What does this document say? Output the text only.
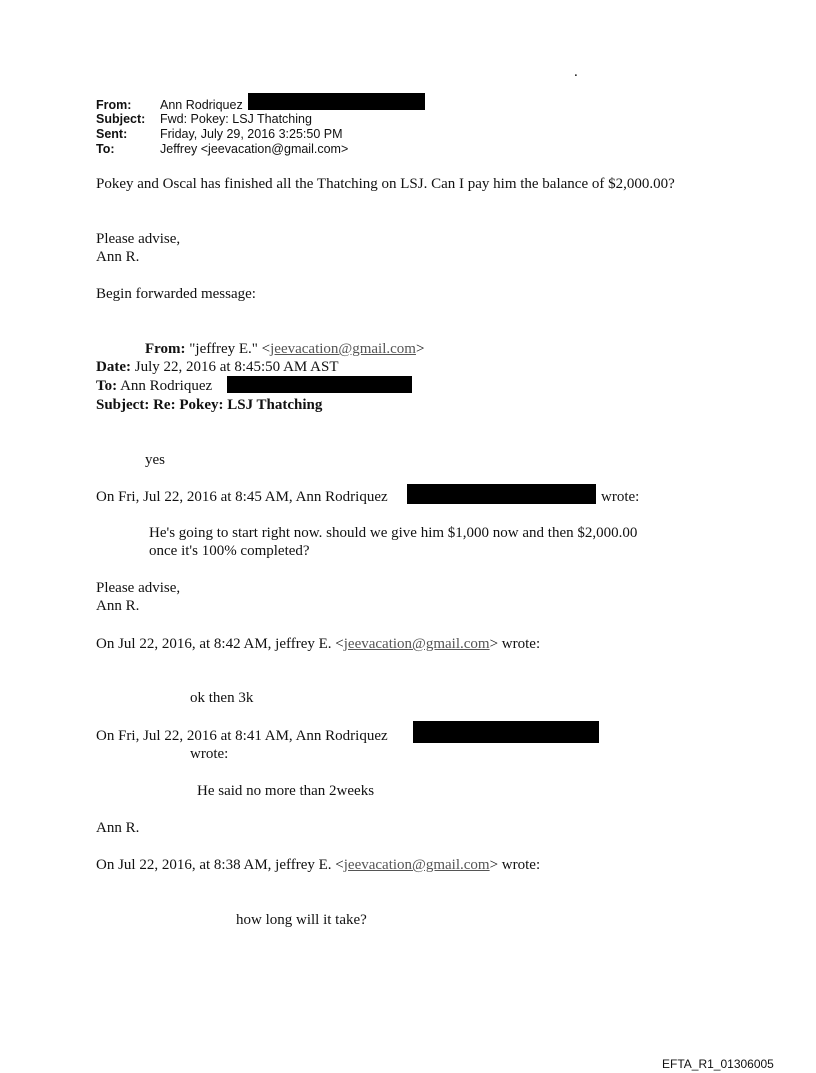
.
From: Ann Rodriquez
Subject: Fwd: Pokey: LSJ Thatching
Sent:	Friday, July 29, 2016 3:25:50 PM
To:	Jeffrey <jeevacation@gmail.com>
Pokey and Oscal has finished all the Thatching on LSJ. Can I pay him the balance of $2,000.00?
Please advise,
Ann R.
Begin forwarded message:
From: "jeffrey E." <jeevacation@gmail.com>
Date: July 22, 2016 at 8:45:50 AM AST
To: Ann Rodriquez
Subject: Re: Pokey: LSJ Thatching
yes
On Fri, Jul 22, 2016 at 8:45 AM, Ann Rodriquez	wrote:
He's going to start right now. should we give him $1,000 now and then $2,000.00
once it's 100% completed?
Please advise,
Ann R.
On Jul 22, 2016, at 8:42 AM, jeffrey E. <jeevacation@gmail.com> wrote:
ok then 3k
On Fri, Jul 22, 2016 at 8:41 AM, Ann Rodriquez
wrote:
He said no more than 2weeks
Ann R.
On Jul 22, 2016, at 8:38 AM, jeffrey E. <jeevacation@gmail.com> wrote:
how long will it take?
EFTA_R1_01306005
